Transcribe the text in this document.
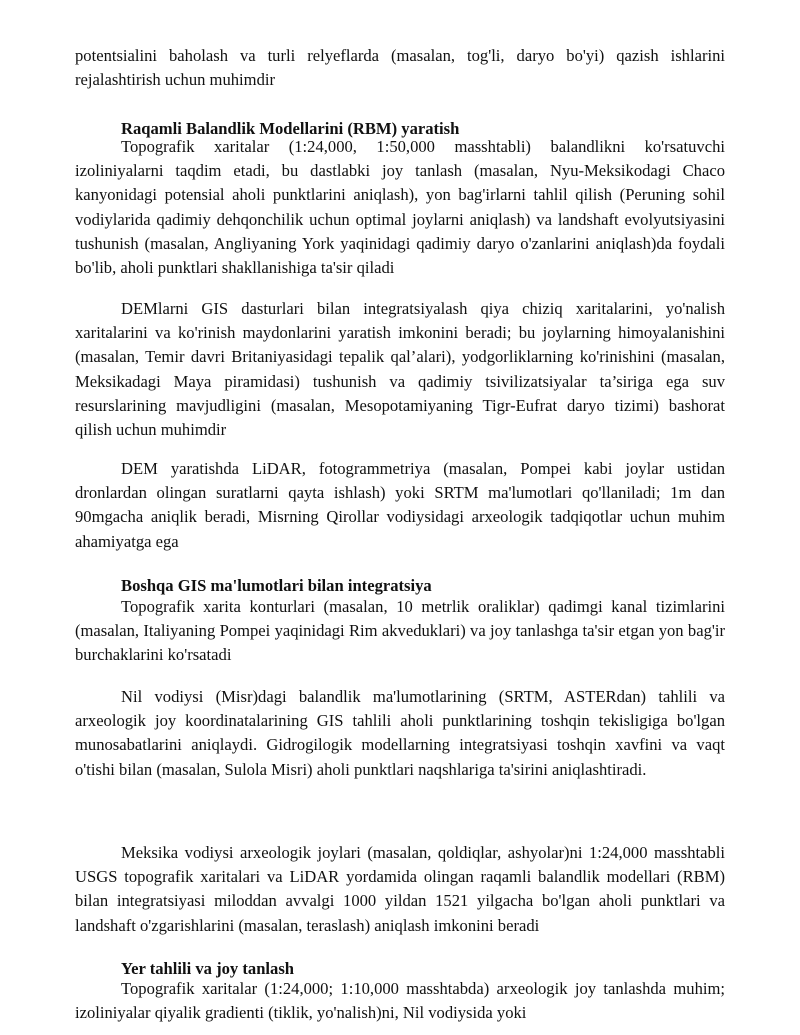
potentsialini baholash va turli relyeflarda (masalan, tog'li, daryo bo'yi) qazish ishlarini rejalashtirish uchun muhimdir

Raqamli Balandlik Modellarini (RBM) yaratish

Topografik xaritalar (1:24,000, 1:50,000 masshtabli) balandlikni ko'rsatuvchi izoliniyalarni taqdim etadi, bu dastlabki joy tanlash (masalan, Nyu-Meksikodagi Chaco kanyonidagi potensial aholi punktlarini aniqlash), yon bag'irlarni tahlil qilish (Peruning sohil vodiylarida qadimiy dehqonchilik uchun optimal joylarni aniqlash) va landshaft evolyutsiyasini tushunish (masalan, Angliyaning York yaqinidagi qadimiy daryo o'zanlarini aniqlash)da foydali bo'lib, aholi punktlari shakllanishiga ta'sir qiladi

DEMlarni GIS dasturlari bilan integratsiyalash qiya chiziq xaritalarini, yo'nalish xaritalarini va ko'rinish maydonlarini yaratish imkonini beradi; bu joylarning himoyalanishini (masalan, Temir davri Britaniyasidagi tepalik qal’alari), yodgorliklarning ko'rinishini (masalan, Meksikadagi Maya piramidasi) tushunish va qadimiy tsivilizatsiyalar ta’siriga ega suv resurslarining mavjudligini (masalan, Mesopotamiyaning Tigr-Eufrat daryo tizimi) bashorat qilish uchun muhimdir

DEM yaratishda LiDAR, fotogrammetriya (masalan, Pompei kabi joylar ustidan dronlardan olingan suratlarni qayta ishlash) yoki SRTM ma'lumotlari qo'llaniladi; 1m dan 90mgacha aniqlik beradi, Misrning Qirollar vodiysidagi arxeologik tadqiqotlar uchun muhim ahamiyatga ega

Boshqa GIS ma'lumotlari bilan integratsiya

Topografik xarita konturlari (masalan, 10 metrlik oraliklar) qadimgi kanal tizimlarini (masalan, Italiyaning Pompei yaqinidagi Rim akveduklari) va joy tanlashga ta'sir etgan yon bag'ir burchaklarini ko'rsatadi

Nil vodiysi (Misr)dagi balandlik ma'lumotlarining (SRTM, ASTERdan) tahlili va arxeologik joy koordinatalarining GIS tahlili aholi punktlarining toshqin tekisligiga bo'lgan munosabatlarini aniqlaydi. Gidrogilogik modellarning integratsiyasi toshqin xavfini va vaqt o'tishi bilan (masalan, Sulola Misri) aholi punktlari naqshlariga ta'sirini aniqlashtiradi.

Meksika vodiysi arxeologik joylari (masalan, qoldiqlar, ashyolar)ni 1:24,000 masshtabli USGS topografik xaritalari va LiDAR yordamida olingan raqamli balandlik modellari (RBM) bilan integratsiyasi miloddan avvalgi 1000 yildan 1521 yilgacha bo'lgan aholi punktlari va landshaft o'zgarishlarini (masalan, teraslash) aniqlash imkonini beradi

Yer tahlili va joy tanlash

Topografik xaritalar (1:24,000; 1:10,000 masshtabda) arxeologik joy tanlashda muhim; izoliniyalar qiyalik gradienti (tiklik, yo'nalish)ni, Nil vodiysida yoki
